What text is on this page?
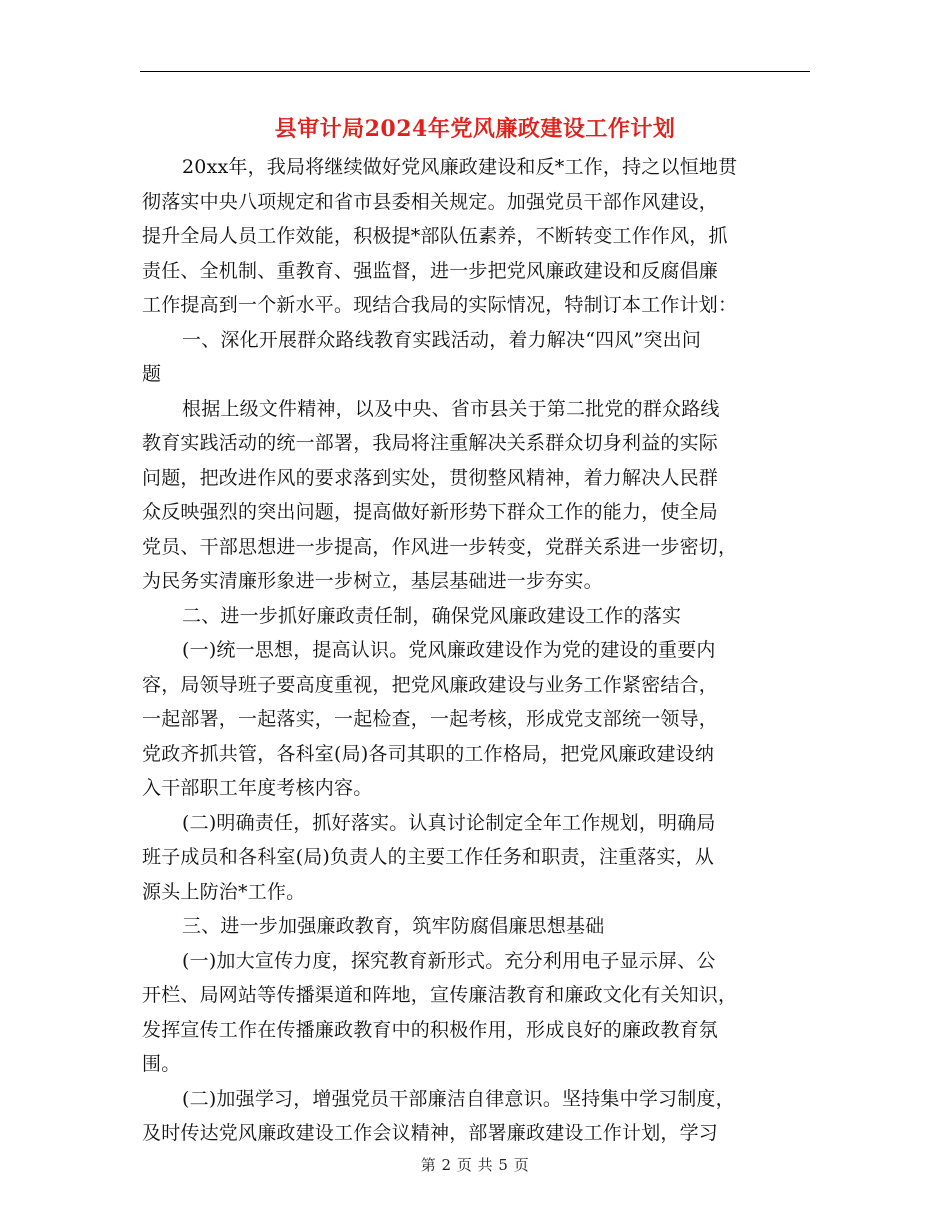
县审计局2024年党风廉政建设工作计划
20xx年，我局将继续做好党风廉政建设和反*工作，持之以恒地贯
彻落实中央八项规定和省市县委相关规定。加强党员干部作风建设，
提升全局人员工作效能，积极提*部队伍素养，不断转变工作作风，抓
责任、全机制、重教育、强监督，进一步把党风廉政建设和反腐倡廉
工作提高到一个新水平。现结合我局的实际情况，特制订本工作计划：
一、深化开展群众路线教育实践活动，着力解决“四风”突出问
题
根据上级文件精神，以及中央、省市县关于第二批党的群众路线
教育实践活动的统一部署，我局将注重解决关系群众切身利益的实际
问题，把改进作风的要求落到实处，贯彻整风精神，着力解决人民群
众反映强烈的突出问题，提高做好新形势下群众工作的能力，使全局
党员、干部思想进一步提高，作风进一步转变，党群关系进一步密切，
为民务实清廉形象进一步树立，基层基础进一步夯实。
二、进一步抓好廉政责任制，确保党风廉政建设工作的落实
(一)统一思想，提高认识。党风廉政建设作为党的建设的重要内
容，局领导班子要高度重视，把党风廉政建设与业务工作紧密结合，
一起部署，一起落实，一起检查，一起考核，形成党支部统一领导，
党政齐抓共管，各科室(局)各司其职的工作格局，把党风廉政建设纳
入干部职工年度考核内容。
(二)明确责任，抓好落实。认真讨论制定全年工作规划，明确局
班子成员和各科室(局)负责人的主要工作任务和职责，注重落实，从
源头上防治*工作。
三、进一步加强廉政教育，筑牢防腐倡廉思想基础
(一)加大宣传力度，探究教育新形式。充分利用电子显示屏、公
开栏、局网站等传播渠道和阵地，宣传廉洁教育和廉政文化有关知识，
发挥宣传工作在传播廉政教育中的积极作用，形成良好的廉政教育氛
围。
(二)加强学习，增强党员干部廉洁自律意识。坚持集中学习制度，
及时传达党风廉政建设工作会议精神，部署廉政建设工作计划，学习
第 2 页 共 5 页
